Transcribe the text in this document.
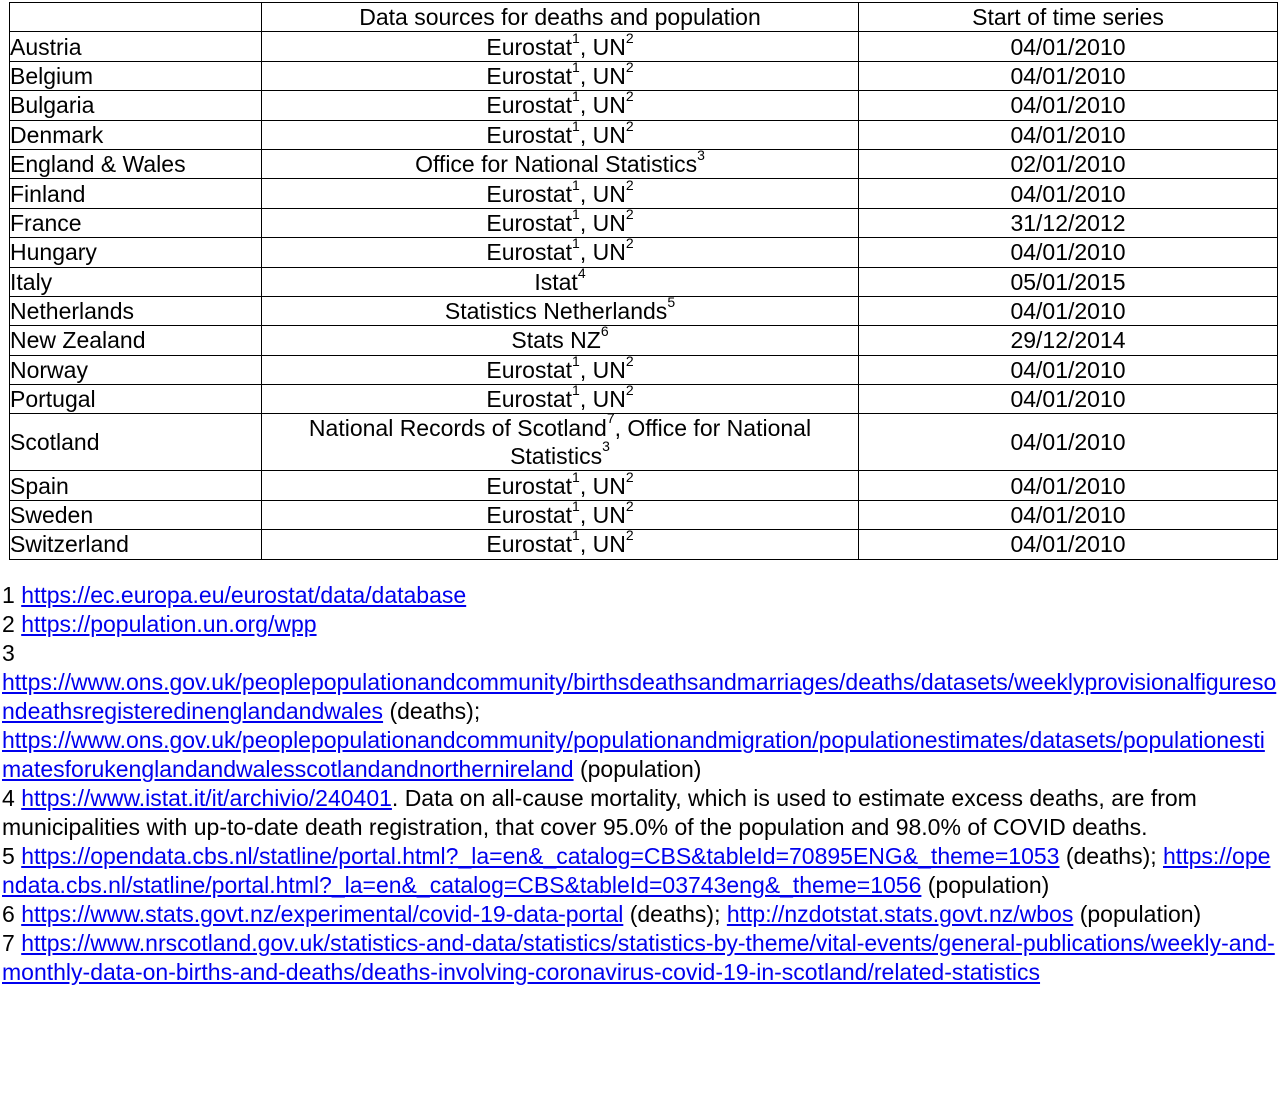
	Data sources for deaths and population	Start of time series
Austria	Eurostat$^1$, $UN^2$	04/01/2010
Belgium	Eurostat$^1$, $UN^2$	04/01/2010
Bulgaria	Eurostat$^1$, $UN^2$	04/01/2010
Denmark	Eurostat$^1$, $UN^2$	04/01/2010
England & Wales	Office for National Statistics$^3$	02/01/2010
Finland	Eurostat$^1$, $UN^2$	04/01/2010
France	Eurostat$^1$, $UN^2$	31/12/2012
Hungary	Eurostat$^1$, $UN^2$	04/01/2010
Italy	Istat$^4$	05/01/2015
Netherlands	Statistics Netherlands$^5$	04/01/2010
New Zealand	Stats $NZ^6$	29/12/2014
Norway	Eurostat$^1$, $UN^2$	04/01/2010
Portugal	Eurostat$^1$, $UN^2$	04/01/2010
Scotland	National Records of Scotland$^7$, Office for National Statistics$^3$	04/01/2010
Spain	Eurostat$^1$, $UN^2$	04/01/2010
Sweden	Eurostat$^1$, $UN^2$	04/01/2010
Switzerland	Eurostat$^1$, $UN^2$	04/01/2010

1 https://ec.europa.eu/eurostat/data/database

2 https://population.un.org/wpp

3

https://www.ons.gov.uk/peoplepopulationandcommunity/birthsdeathsandmarriages/deaths/datasets/weeklyprovisionalfiguresondeathsregisteredinenglandandwales (deaths);

https://www.ons.gov.uk/peoplepopulationandcommunity/populationandmigration/populationestimates/datasets/populationestimatesforukenglandandwalesscotlandandnorthernireland (population)

4 https://www.istat.it/it/archivio/240401. Data on all-cause mortality, which is used to estimate excess deaths, are from municipalities with up-to-date death registration, that cover 95.0% of the population and 98.0% of COVID deaths.

5 https://opendata.cbs.nl/statline/portal.html?_la=en&_catalog=CBS&tableId=70895ENG&_theme=1053 (deaths); https://opendata.cbs.nl/statline/portal.html?_la=en&_catalog=CBS&tableId=03743eng&_theme=1056 (population)

6 https://www.stats.govt.nz/experimental/covid-19-data-portal (deaths); http://nzdotstat.stats.govt.nz/wbos (population)

7 https://www.nrscotland.gov.uk/statistics-and-data/statistics/statistics-by-theme/vital-events/general-publications/weekly-and-monthly-data-on-births-and-deaths/deaths-involving-coronavirus-covid-19-in-scotland/related-statistics
